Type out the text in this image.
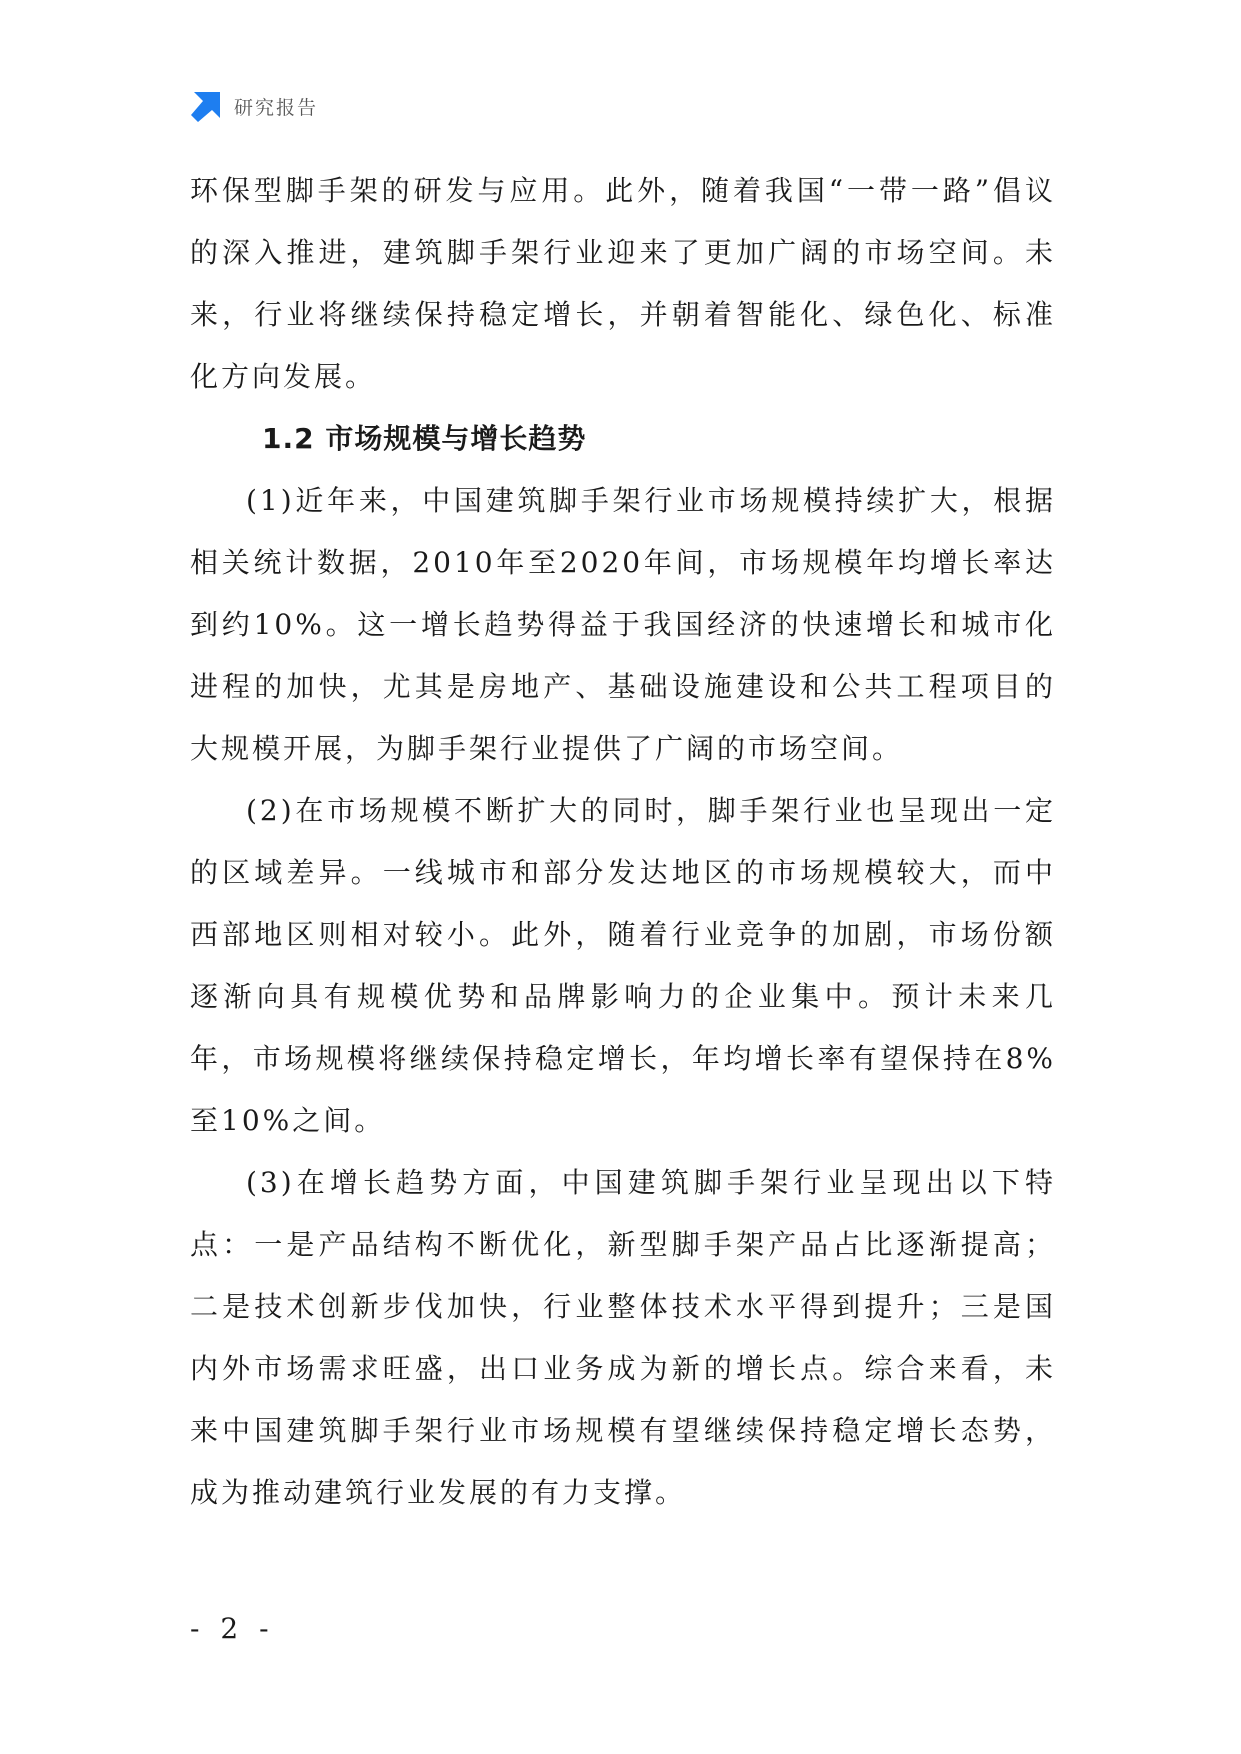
研究报告

环保型脚手架的研发与应用。此外，随着我国“一带一路”倡议的深入推进，建筑脚手架行业迎来了更加广阔的市场空间。未来，行业将继续保持稳定增长，并朝着智能化、绿色化、标准化方向发展。

1.2 市场规模与增长趋势

(1)近年来，中国建筑脚手架行业市场规模持续扩大，根据相关统计数据，2010年至2020年间，市场规模年均增长率达到约10%。这一增长趋势得益于我国经济的快速增长和城市化进程的加快，尤其是房地产、基础设施建设和公共工程项目的大规模开展，为脚手架行业提供了广阔的市场空间。

(2)在市场规模不断扩大的同时，脚手架行业也呈现出一定的区域差异。一线城市和部分发达地区的市场规模较大，而中西部地区则相对较小。此外，随着行业竞争的加剧，市场份额逐渐向具有规模优势和品牌影响力的企业集中。预计未来几年，市场规模将继续保持稳定增长，年均增长率有望保持在8%至10%之间。

(3)在增长趋势方面，中国建筑脚手架行业呈现出以下特点：一是产品结构不断优化，新型脚手架产品占比逐渐提高；二是技术创新步伐加快，行业整体技术水平得到提升；三是国内外市场需求旺盛，出口业务成为新的增长点。综合来看，未来中国建筑脚手架行业市场规模有望继续保持稳定增长态势，成为推动建筑行业发展的有力支撑。

- 2 -
